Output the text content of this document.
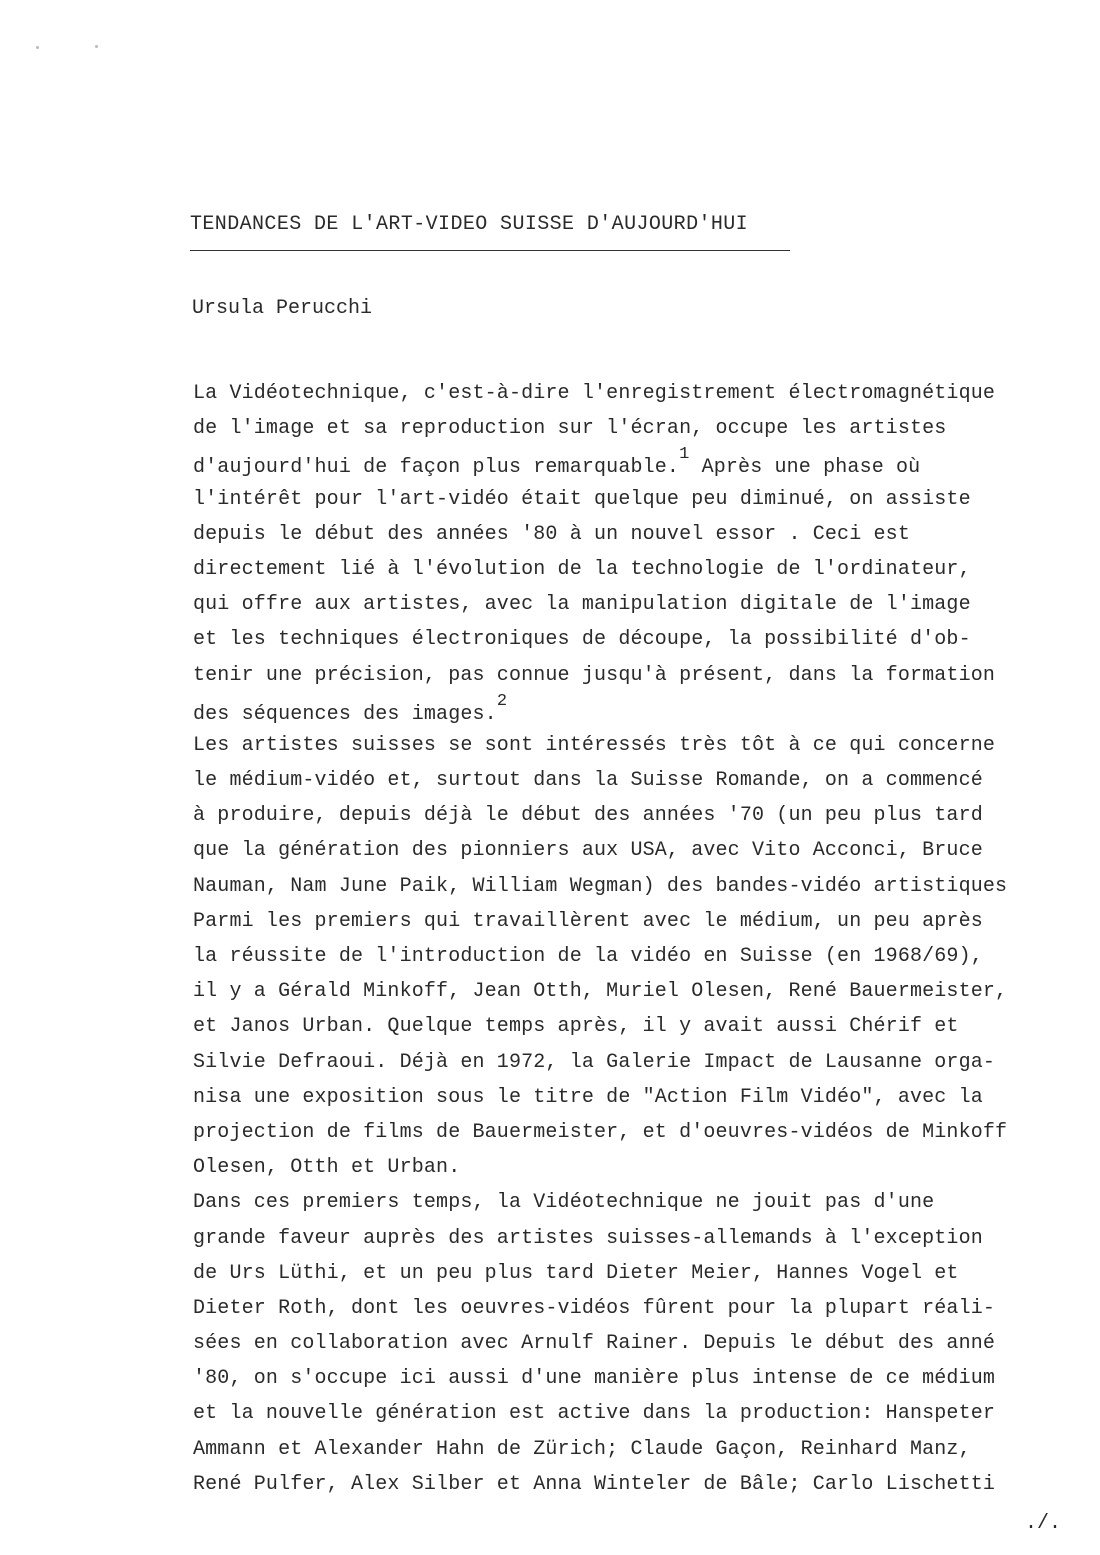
TENDANCES DE L'ART-VIDEO SUISSE D'AUJOURD'HUI
Ursula Perucchi
La Vidéotechnique, c'est-à-dire l'enregistrement électromagnétique
de l'image et sa reproduction sur l'écran, occupe les artistes
d'aujourd'hui de façon plus remarquable.1 Après une phase où
l'intérêt pour l'art-vidéo était quelque peu diminué, on assiste
depuis le début des années '80 à un nouvel essor . Ceci est
directement lié à l'évolution de la technologie de l'ordinateur,
qui offre aux artistes, avec la manipulation digitale de l'image
et les techniques électroniques de découpe, la possibilité d'ob-
tenir une précision, pas connue jusqu'à présent, dans la formation
des séquences des images.2
Les artistes suisses se sont intéressés très tôt à ce qui concerne
le médium-vidéo et, surtout dans la Suisse Romande, on a commencé
à produire, depuis déjà le début des années '70 (un peu plus tard
que la génération des pionniers aux USA, avec Vito Acconci, Bruce
Nauman, Nam June Paik, William Wegman) des bandes-vidéo artistiques
Parmi les premiers qui travaillèrent avec le médium, un peu après
la réussite de l'introduction de la vidéo en Suisse (en 1968/69),
il y a Gérald Minkoff, Jean Otth, Muriel Olesen, René Bauermeister,
et Janos Urban. Quelque temps après, il y avait aussi Chérif et
Silvie Defraoui. Déjà en 1972, la Galerie Impact de Lausanne orga-
nisa une exposition sous le titre de "Action Film Vidéo", avec la
projection de films de Bauermeister, et d'oeuvres-vidéos de Minkoff
Olesen, Otth et Urban.
Dans ces premiers temps, la Vidéotechnique ne jouit pas d'une
grande faveur auprès des artistes suisses-allemands à l'exception
de Urs Lüthi, et un peu plus tard Dieter Meier, Hannes Vogel et
Dieter Roth, dont les oeuvres-vidéos fûrent pour la plupart réali-
sées en collaboration avec Arnulf Rainer. Depuis le début des anné
'80, on s'occupe ici aussi d'une manière plus intense de ce médium
et la nouvelle génération est active dans la production: Hanspeter
Ammann et Alexander Hahn de Zürich; Claude Gaçon, Reinhard Manz,
René Pulfer, Alex Silber et Anna Winteler de Bâle; Carlo Lischetti
./.
